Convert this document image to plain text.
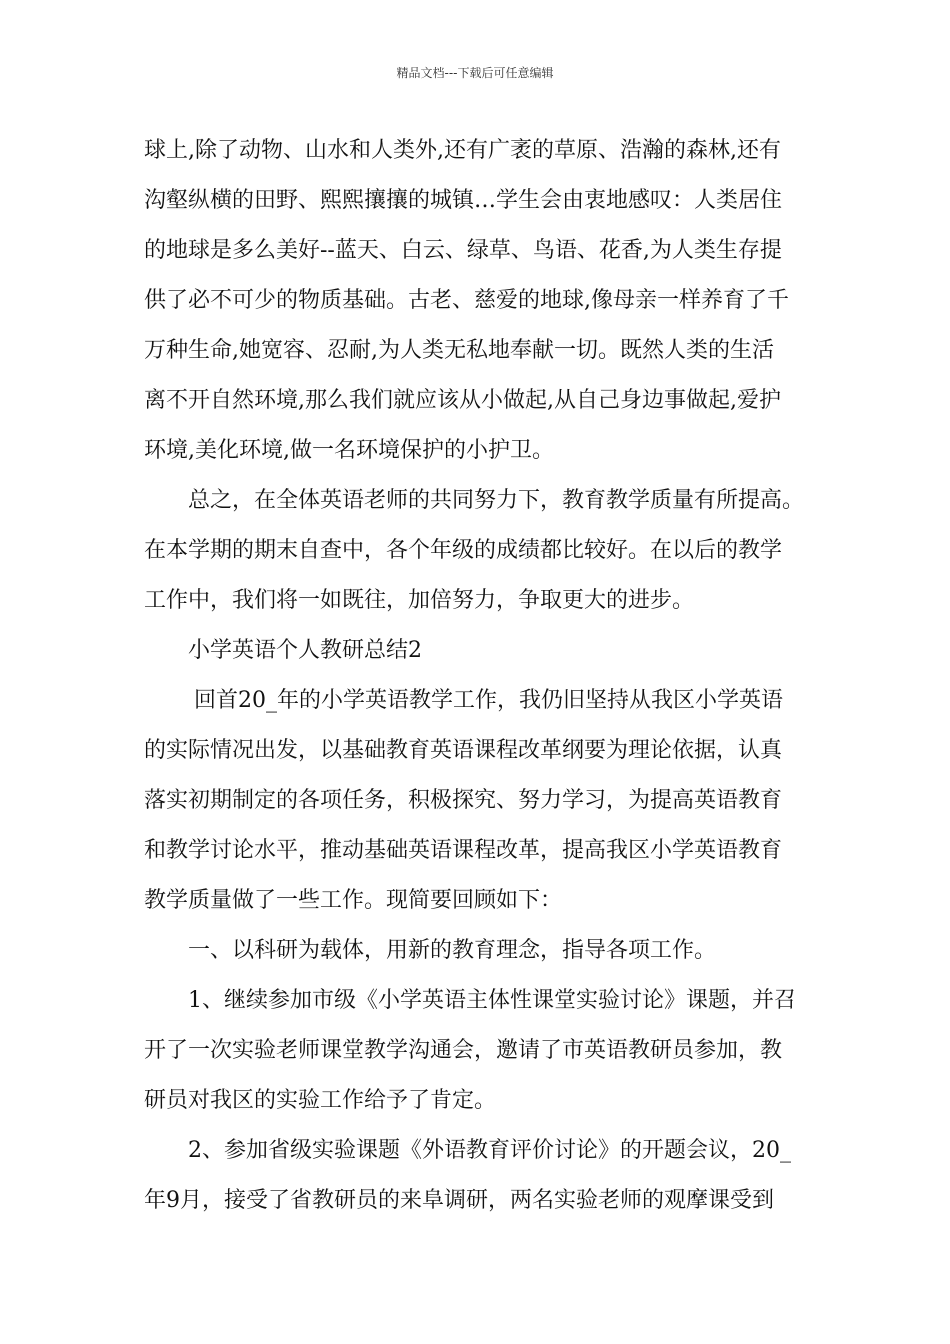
精品文档---下载后可任意编辑
球上,除了动物、山水和人类外,还有广袤的草原、浩瀚的森林,还有
沟壑纵横的田野、熙熙攘攘的城镇…学生会由衷地感叹：人类居住
的地球是多么美好--蓝天、白云、绿草、鸟语、花香,为人类生存提
供了必不可少的物质基础。古老、慈爱的地球,像母亲一样养育了千
万种生命,她宽容、忍耐,为人类无私地奉献一切。既然人类的生活
离不开自然环境,那么我们就应该从小做起,从自己身边事做起,爱护
环境,美化环境,做一名环境保护的小护卫。
总之，在全体英语老师的共同努力下，教育教学质量有所提高。
在本学期的期末自查中，各个年级的成绩都比较好。在以后的教学
工作中，我们将一如既往，加倍努力，争取更大的进步。
小学英语个人教研总结2
回首20_年的小学英语教学工作，我仍旧坚持从我区小学英语
的实际情况出发，以基础教育英语课程改革纲要为理论依据，认真
落实初期制定的各项任务，积极探究、努力学习，为提高英语教育
和教学讨论水平，推动基础英语课程改革，提高我区小学英语教育
教学质量做了一些工作。现简要回顾如下：
一、以科研为载体，用新的教育理念，指导各项工作。
1、继续参加市级《小学英语主体性课堂实验讨论》课题，并召
开了一次实验老师课堂教学沟通会，邀请了市英语教研员参加，教
研员对我区的实验工作给予了肯定。
2、参加省级实验课题《外语教育评价讨论》的开题会议，20_
年9月，接受了省教研员的来阜调研，两名实验老师的观摩课受到
